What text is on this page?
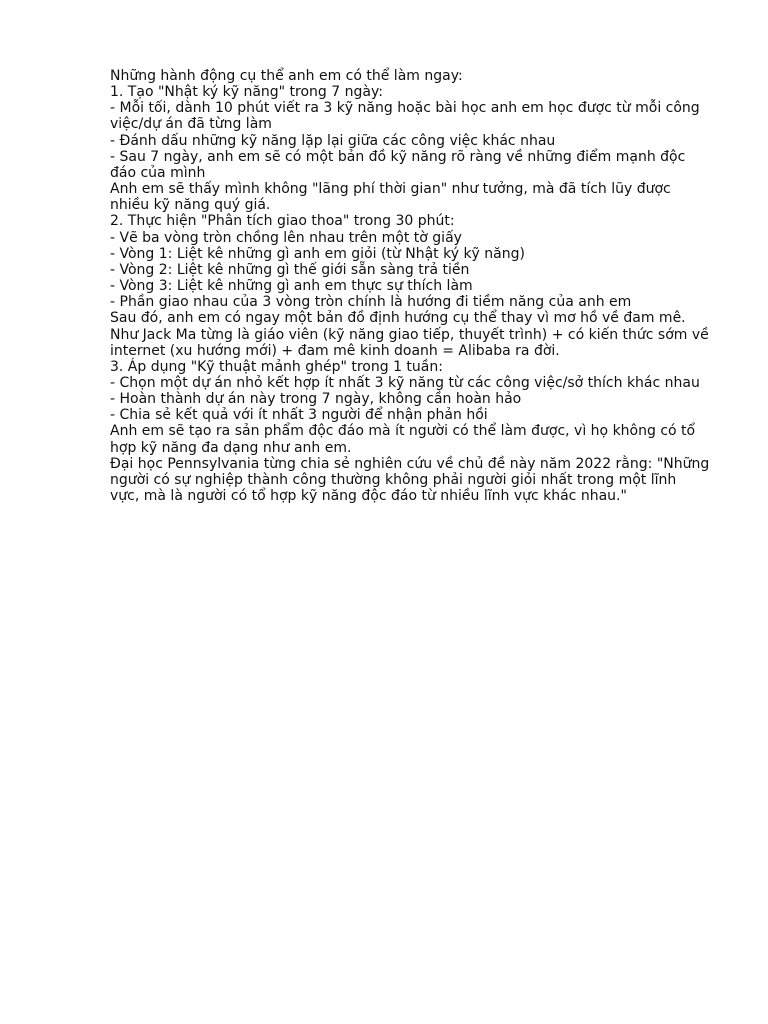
Những hành động cụ thể anh em có thể làm ngay:

1. Tạo "Nhật ký kỹ năng" trong 7 ngày:

- Mỗi tối, dành 10 phút viết ra 3 kỹ năng hoặc bài học anh em học được từ mỗi công việc/dự án đã từng làm

- Đánh dấu những kỹ năng lặp lại giữa các công việc khác nhau

- Sau 7 ngày, anh em sẽ có một bản đồ kỹ năng rõ ràng về những điểm mạnh độc đáo của mình

Anh em sẽ thấy mình không "lãng phí thời gian" như tưởng, mà đã tích lũy được nhiều kỹ năng quý giá.

2. Thực hiện "Phân tích giao thoa" trong 30 phút:

- Vẽ ba vòng tròn chồng lên nhau trên một tờ giấy

- Vòng 1: Liệt kê những gì anh em giỏi (từ Nhật ký kỹ năng)

- Vòng 2: Liệt kê những gì thế giới sẵn sàng trả tiền

- Vòng 3: Liệt kê những gì anh em thực sự thích làm

- Phần giao nhau của 3 vòng tròn chính là hướng đi tiềm năng của anh em

Sau đó, anh em có ngay một bản đồ định hướng cụ thể thay vì mơ hồ về đam mê.

Như Jack Ma từng là giáo viên (kỹ năng giao tiếp, thuyết trình) + có kiến thức sớm về internet (xu hướng mới) + đam mê kinh doanh = Alibaba ra đời.

3. Áp dụng "Kỹ thuật mảnh ghép" trong 1 tuần:

- Chọn một dự án nhỏ kết hợp ít nhất 3 kỹ năng từ các công việc/sở thích khác nhau

- Hoàn thành dự án này trong 7 ngày, không cần hoàn hảo

- Chia sẻ kết quả với ít nhất 3 người để nhận phản hồi

Anh em sẽ tạo ra sản phẩm độc đáo mà ít người có thể làm được, vì họ không có tổ hợp kỹ năng đa dạng như anh em.

Đại học Pennsylvania từng chia sẻ nghiên cứu về chủ đề này năm 2022 rằng: "Những người có sự nghiệp thành công thường không phải người giỏi nhất trong một lĩnh vực, mà là người có tổ hợp kỹ năng độc đáo từ nhiều lĩnh vực khác nhau."
